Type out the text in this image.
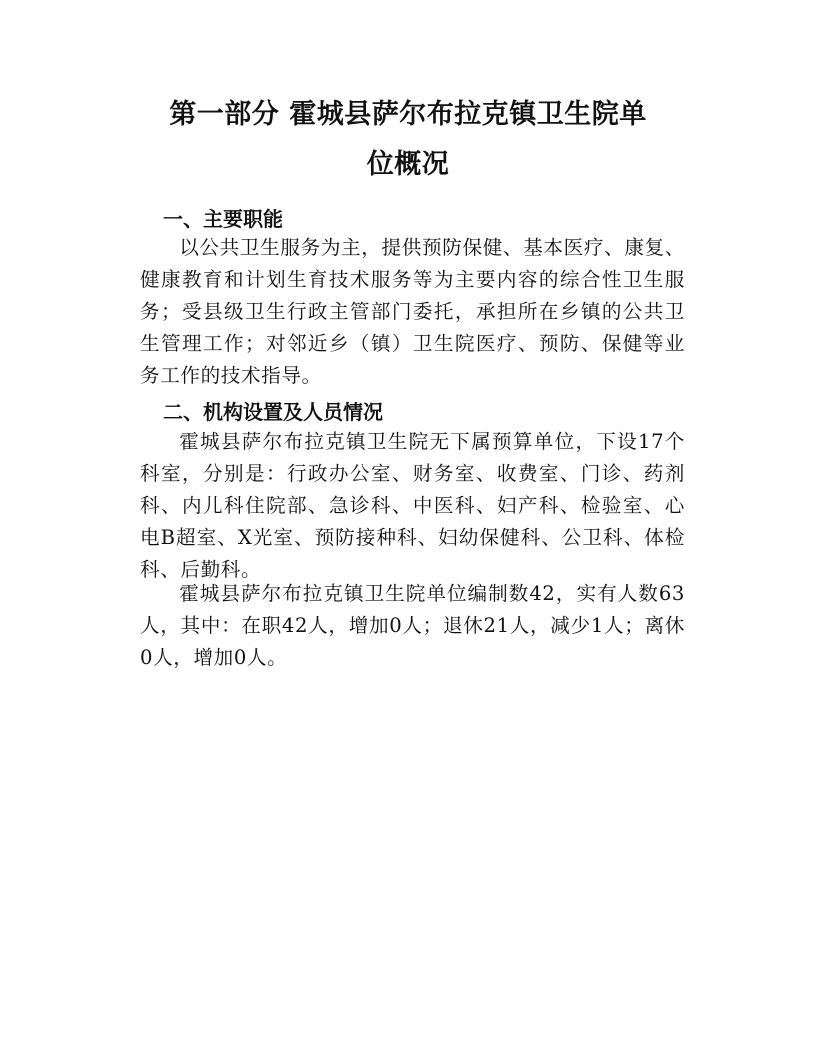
第一部分 霍城县萨尔布拉克镇卫生院单
位概况
一、主要职能

以公共卫生服务为主，提供预防保健、基本医疗、康复、健康教育和计划生育技术服务等为主要内容的综合性卫生服务；受县级卫生行政主管部门委托，承担所在乡镇的公共卫生管理工作；对邻近乡（镇）卫生院医疗、预防、保健等业务工作的技术指导。

二、机构设置及人员情况

霍城县萨尔布拉克镇卫生院无下属预算单位，下设17个科室，分别是：行政办公室、财务室、收费室、门诊、药剂科、内儿科住院部、急诊科、中医科、妇产科、检验室、心电B超室、X光室、预防接种科、妇幼保健科、公卫科、体检科、后勤科。

霍城县萨尔布拉克镇卫生院单位编制数42，实有人数63人，其中：在职42人，增加0人；退休21人，减少1人；离休0人，增加0人。
